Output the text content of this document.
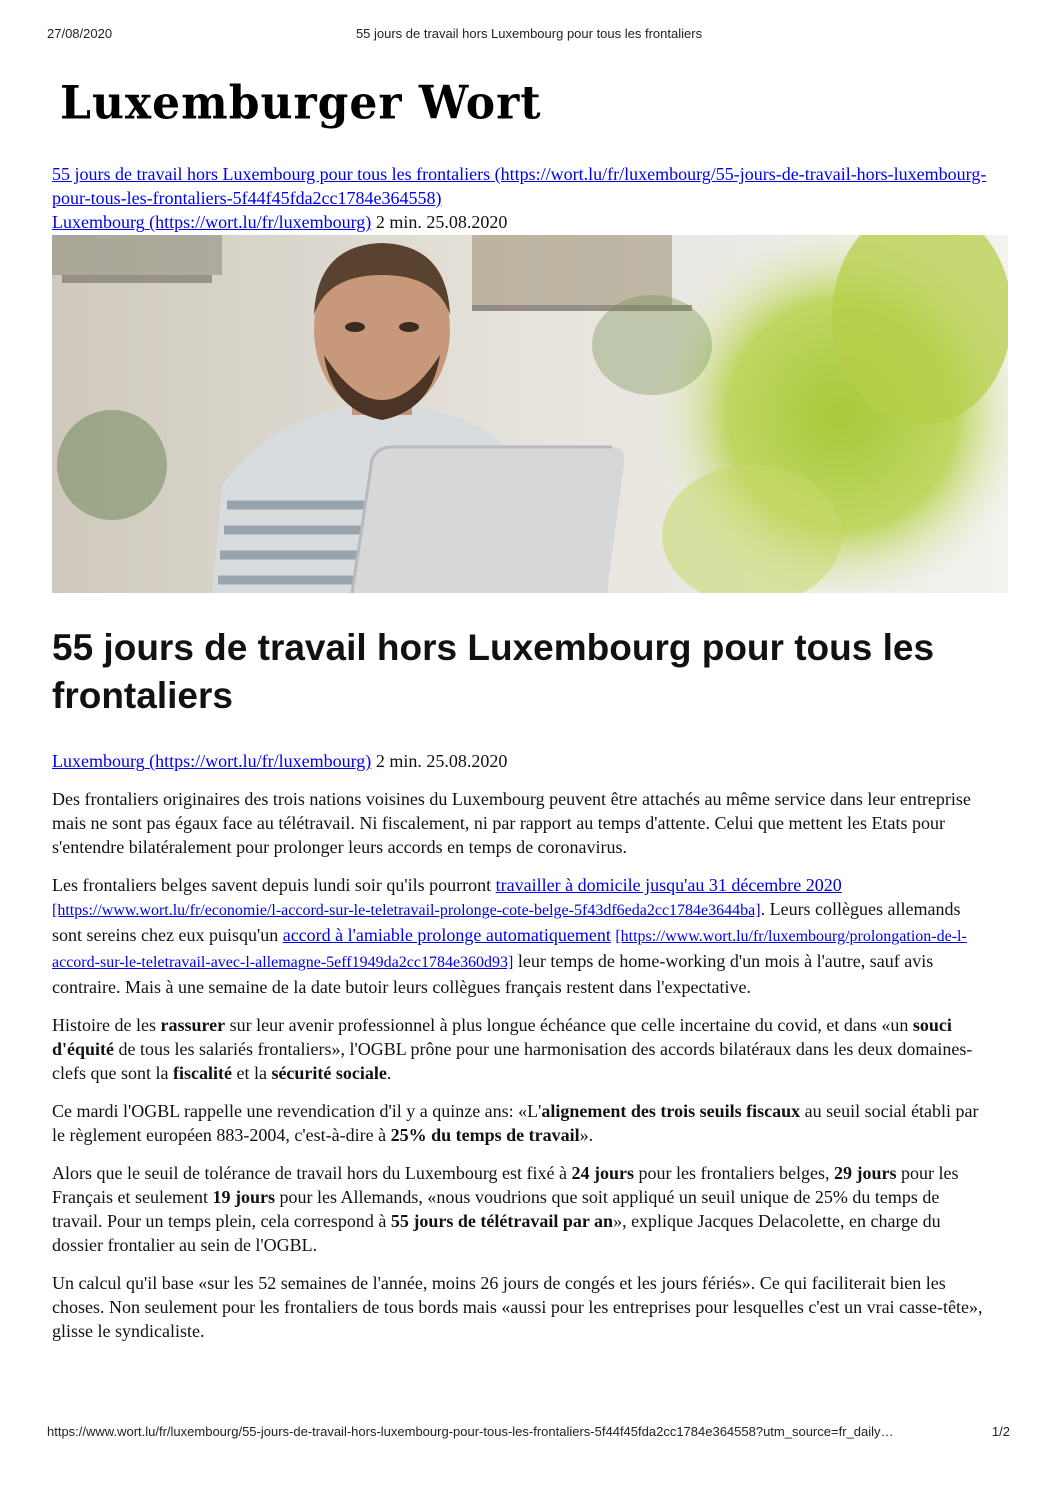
27/08/2020	55 jours de travail hors Luxembourg pour tous les frontaliers
Luxemburger Wort
55 jours de travail hors Luxembourg pour tous les frontaliers (https://wort.lu/fr/luxembourg/55-jours-de-travail-hors-luxembourg-pour-tous-les-frontaliers-5f44f45fda2cc1784e364558)
Luxembourg (https://wort.lu/fr/luxembourg) 2 min. 25.08.2020
55 jours de travail hors Luxembourg pour tous les frontaliers

Luxembourg (https://wort.lu/fr/luxembourg) 2 min. 25.08.2020

Des frontaliers originaires des trois nations voisines du Luxembourg peuvent être attachés au même service dans leur entreprise mais ne sont pas égaux face au télétravail. Ni fiscalement, ni par rapport au temps d'attente. Celui que mettent les Etats pour s'entendre bilatéralement pour prolonger leurs accords en temps de coronavirus.

Les frontaliers belges savent depuis lundi soir qu'ils pourront travailler à domicile jusqu'au 31 décembre 2020 [https://www.wort.lu/fr/economie/l-accord-sur-le-teletravail-prolonge-cote-belge-5f43df6eda2cc1784e3644ba]. Leurs collègues allemands sont sereins chez eux puisqu'un accord à l'amiable prolonge automatiquement [https://www.wort.lu/fr/luxembourg/prolongation-de-l-accord-sur-le-teletravail-avec-l-allemagne-5eff1949da2cc1784e360d93] leur temps de home-working d'un mois à l'autre, sauf avis contraire. Mais à une semaine de la date butoir leurs collègues français restent dans l'expectative.

Histoire de les rassurer sur leur avenir professionnel à plus longue échéance que celle incertaine du covid, et dans «un souci d'équité de tous les salariés frontaliers», l'OGBL prône pour une harmonisation des accords bilatéraux dans les deux domaines-clefs que sont la fiscalité et la sécurité sociale.

Ce mardi l'OGBL rappelle une revendication d'il y a quinze ans: «L'alignement des trois seuils fiscaux au seuil social établi par le règlement européen 883-2004, c'est-à-dire à 25% du temps de travail».

Alors que le seuil de tolérance de travail hors du Luxembourg est fixé à 24 jours pour les frontaliers belges, 29 jours pour les Français et seulement 19 jours pour les Allemands, «nous voudrions que soit appliqué un seuil unique de 25% du temps de travail. Pour un temps plein, cela correspond à 55 jours de télétravail par an», explique Jacques Delacolette, en charge du dossier frontalier au sein de l'OGBL.

Un calcul qu'il base «sur les 52 semaines de l'année, moins 26 jours de congés et les jours fériés». Ce qui faciliterait bien les choses. Non seulement pour les frontaliers de tous bords mais «aussi pour les entreprises pour lesquelles c'est un vrai casse-tête», glisse le syndicaliste.

https://www.wort.lu/fr/luxembourg/55-jours-de-travail-hors-luxembourg-pour-tous-les-frontaliers-5f44f45fda2cc1784e364558?utm_source=fr_daily…	1/2
